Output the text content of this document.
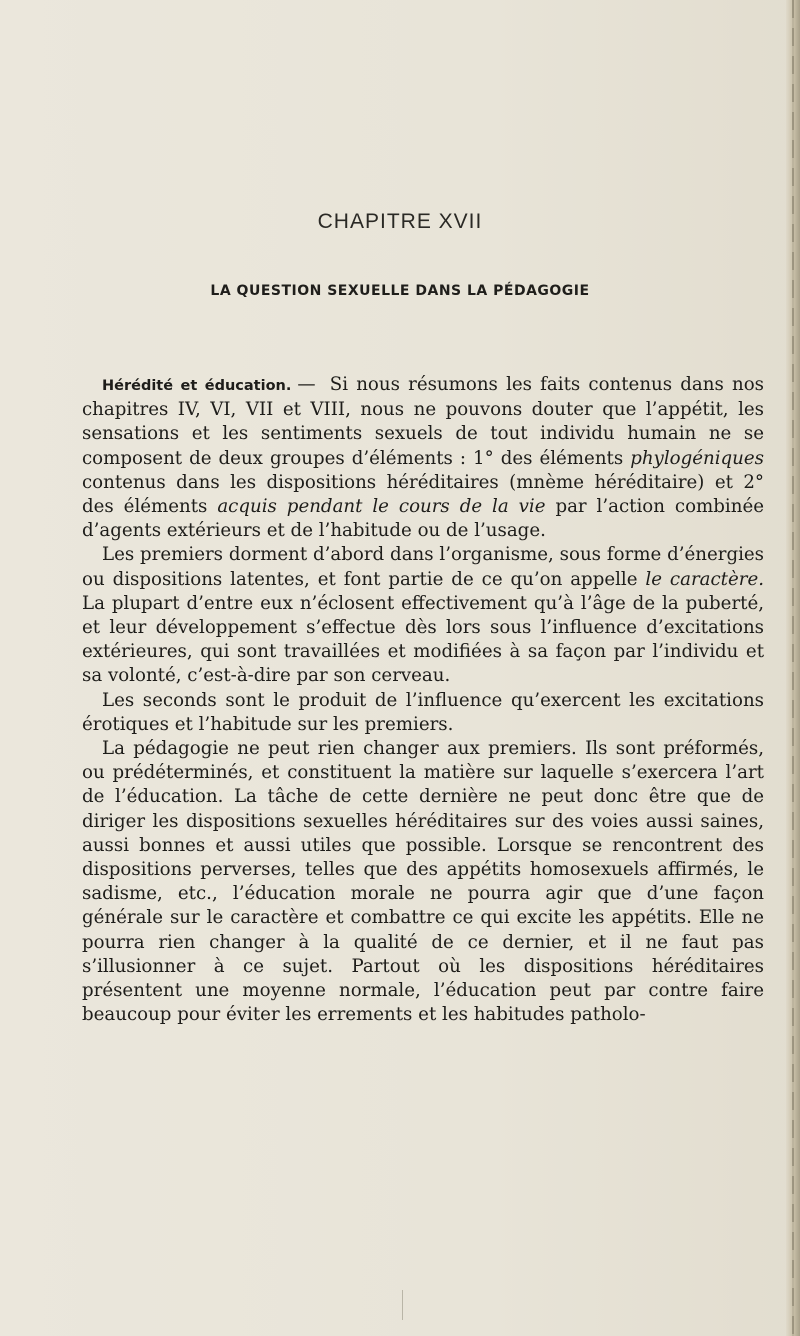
CHAPITRE XVII
LA QUESTION SEXUELLE DANS LA PÉDAGOGIE

Hérédité et éducation. — Si nous résumons les faits contenus dans nos chapitres IV, VI, VII et VIII, nous ne pouvons douter que l’appétit, les sensations et les sentiments sexuels de tout individu humain ne se composent de deux groupes d’éléments : 1° des éléments phylogéniques contenus dans les dispositions héréditaires (mnème héréditaire) et 2° des éléments acquis pendant le cours de la vie par l’action combinée d’agents extérieurs et de l’habitude ou de l’usage.

Les premiers dorment d’abord dans l’organisme, sous forme d’énergies ou dispositions latentes, et font partie de ce qu’on appelle le caractère. La plupart d’entre eux n’éclosent effectivement qu’à l’âge de la puberté, et leur développement s’effectue dès lors sous l’influence d’excitations extérieures, qui sont travaillées et modifiées à sa façon par l’individu et sa volonté, c’est-à-dire par son cerveau.

Les seconds sont le produit de l’influence qu’exercent les excitations érotiques et l’habitude sur les premiers.

La pédagogie ne peut rien changer aux premiers. Ils sont préformés, ou prédéterminés, et constituent la matière sur laquelle s’exercera l’art de l’éducation. La tâche de cette dernière ne peut donc être que de diriger les dispositions sexuelles héréditaires sur des voies aussi saines, aussi bonnes et aussi utiles que possible. Lorsque se rencontrent des dispositions perverses, telles que des appétits homosexuels affirmés, le sadisme, etc., l’éducation morale ne pourra agir que d’une façon générale sur le caractère et combattre ce qui excite les appétits. Elle ne pourra rien changer à la qualité de ce dernier, et il ne faut pas s’illusionner à ce sujet. Partout où les dispositions héréditaires présentent une moyenne normale, l’éducation peut par contre faire beaucoup pour éviter les errements et les habitudes patholo-
